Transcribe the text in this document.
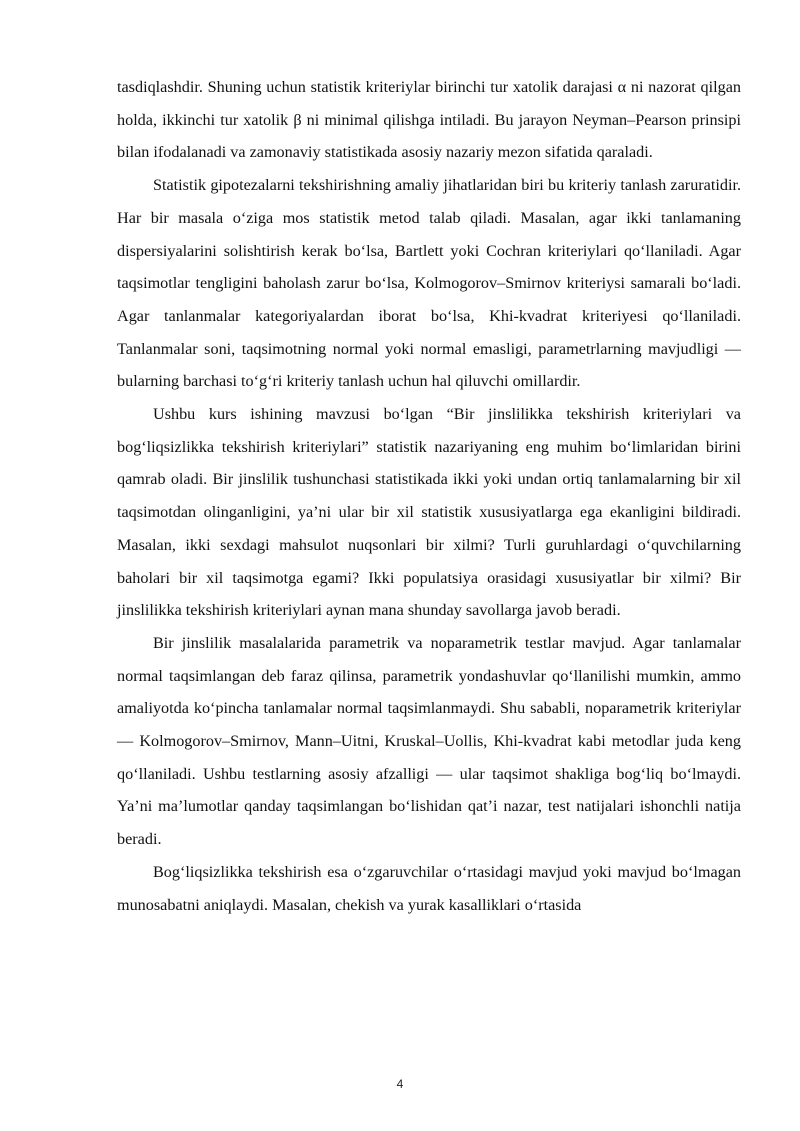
tasdiqlashdir. Shuning uchun statistik kriteriylar birinchi tur xatolik darajasi α ni nazorat qilgan holda, ikkinchi tur xatolik β ni minimal qilishga intiladi. Bu jarayon Neyman–Pearson prinsipi bilan ifodalanadi va zamonaviy statistikada asosiy nazariy mezon sifatida qaraladi.

Statistik gipotezalarni tekshirishning amaliy jihatlaridan biri bu kriteriy tanlash zaruratidir. Har bir masala o‘ziga mos statistik metod talab qiladi. Masalan, agar ikki tanlamaning dispersiyalarini solishtirish kerak bo‘lsa, Bartlett yoki Cochran kriteriylari qo‘llaniladi. Agar taqsimotlar tengligini baholash zarur bo‘lsa, Kolmogorov–Smirnov kriteriysi samarali bo‘ladi. Agar tanlanmalar kategoriyalardan iborat bo‘lsa, Khi-kvadrat kriteriyesi qo‘llaniladi. Tanlanmalar soni, taqsimotning normal yoki normal emasligi, parametrlarning mavjudligi — bularning barchasi to‘g‘ri kriteriy tanlash uchun hal qiluvchi omillardir.

Ushbu kurs ishining mavzusi bo‘lgan “Bir jinslilikka tekshirish kriteriylari va bog‘liqsizlikka tekshirish kriteriylari” statistik nazariyaning eng muhim bo‘limlaridan birini qamrab oladi. Bir jinslilik tushunchasi statistikada ikki yoki undan ortiq tanlamalarning bir xil taqsimotdan olinganligini, ya’ni ular bir xil statistik xususiyatlarga ega ekanligini bildiradi. Masalan, ikki sexdagi mahsulot nuqsonlari bir xilmi? Turli guruhlardagi o‘quvchilarning baholari bir xil taqsimotga egami? Ikki populatsiya orasidagi xususiyatlar bir xilmi? Bir jinslilikka tekshirish kriteriylari aynan mana shunday savollarga javob beradi.

Bir jinslilik masalalarida parametrik va noparametrik testlar mavjud. Agar tanlamalar normal taqsimlangan deb faraz qilinsa, parametrik yondashuvlar qo‘llanilishi mumkin, ammo amaliyotda ko‘pincha tanlamalar normal taqsimlanmaydi. Shu sababli, noparametrik kriteriylar — Kolmogorov–Smirnov, Mann–Uitni, Kruskal–Uollis, Khi-kvadrat kabi metodlar juda keng qo‘llaniladi. Ushbu testlarning asosiy afzalligi — ular taqsimot shakliga bog‘liq bo‘lmaydi. Ya’ni ma’lumotlar qanday taqsimlangan bo‘lishidan qat’i nazar, test natijalari ishonchli natija beradi.

Bog‘liqsizlikka tekshirish esa o‘zgaruvchilar o‘rtasidagi mavjud yoki mavjud bo‘lmagan munosabatni aniqlaydi. Masalan, chekish va yurak kasalliklari o‘rtasida

4
